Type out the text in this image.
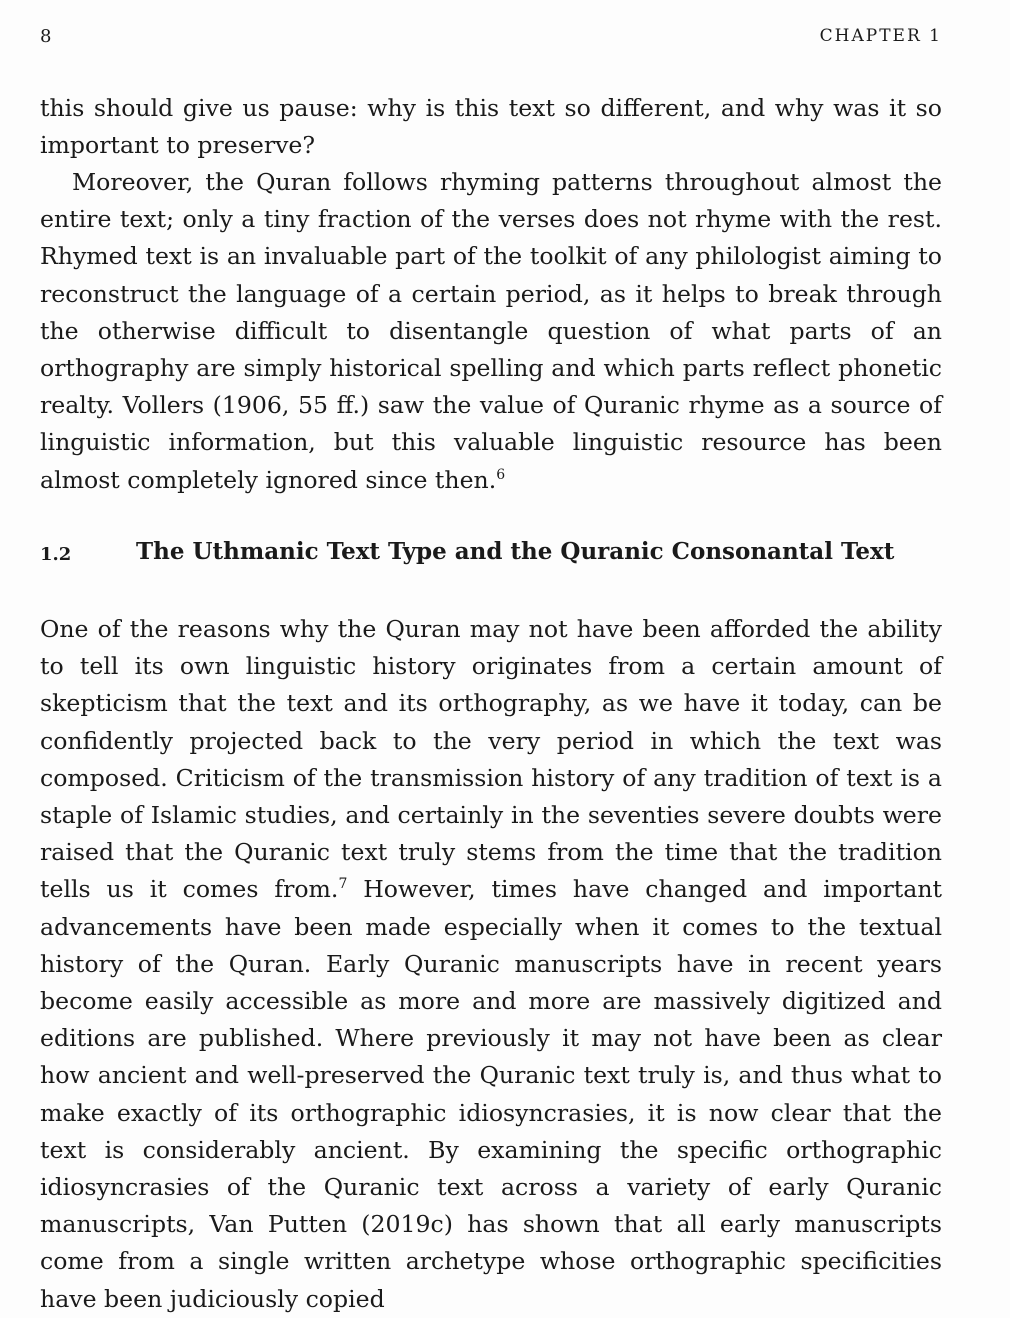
8	CHAPTER 1

this should give us pause: why is this text so different, and why was it so important to preserve?

Moreover, the Quran follows rhyming patterns throughout almost the entire text; only a tiny fraction of the verses does not rhyme with the rest. Rhymed text is an invaluable part of the toolkit of any philologist aiming to reconstruct the language of a certain period, as it helps to break through the otherwise difficult to disentangle question of what parts of an orthography are simply historical spelling and which parts reflect phonetic realty. Vollers (1906, 55 ff.) saw the value of Quranic rhyme as a source of linguistic information, but this valuable linguistic resource has been almost completely ignored since then.$^6$

1.2	The Uthmanic Text Type and the Quranic Consonantal Text

One of the reasons why the Quran may not have been afforded the ability to tell its own linguistic history originates from a certain amount of skepticism that the text and its orthography, as we have it today, can be confidently projected back to the very period in which the text was composed. Criticism of the transmission history of any tradition of text is a staple of Islamic studies, and certainly in the seventies severe doubts were raised that the Quranic text truly stems from the time that the tradition tells us it comes from.$^7$ However, times have changed and important advancements have been made especially when it comes to the textual history of the Quran. Early Quranic manuscripts have in recent years become easily accessible as more and more are massively digitized and editions are published. Where previously it may not have been as clear how ancient and well-preserved the Quranic text truly is, and thus what to make exactly of its orthographic idiosyncrasies, it is now clear that the text is considerably ancient. By examining the specific orthographic idiosyncrasies of the Quranic text across a variety of early Quranic manuscripts, Van Putten (2019c) has shown that all early manuscripts come from a single written archetype whose orthographic specificities have been judiciously copied
